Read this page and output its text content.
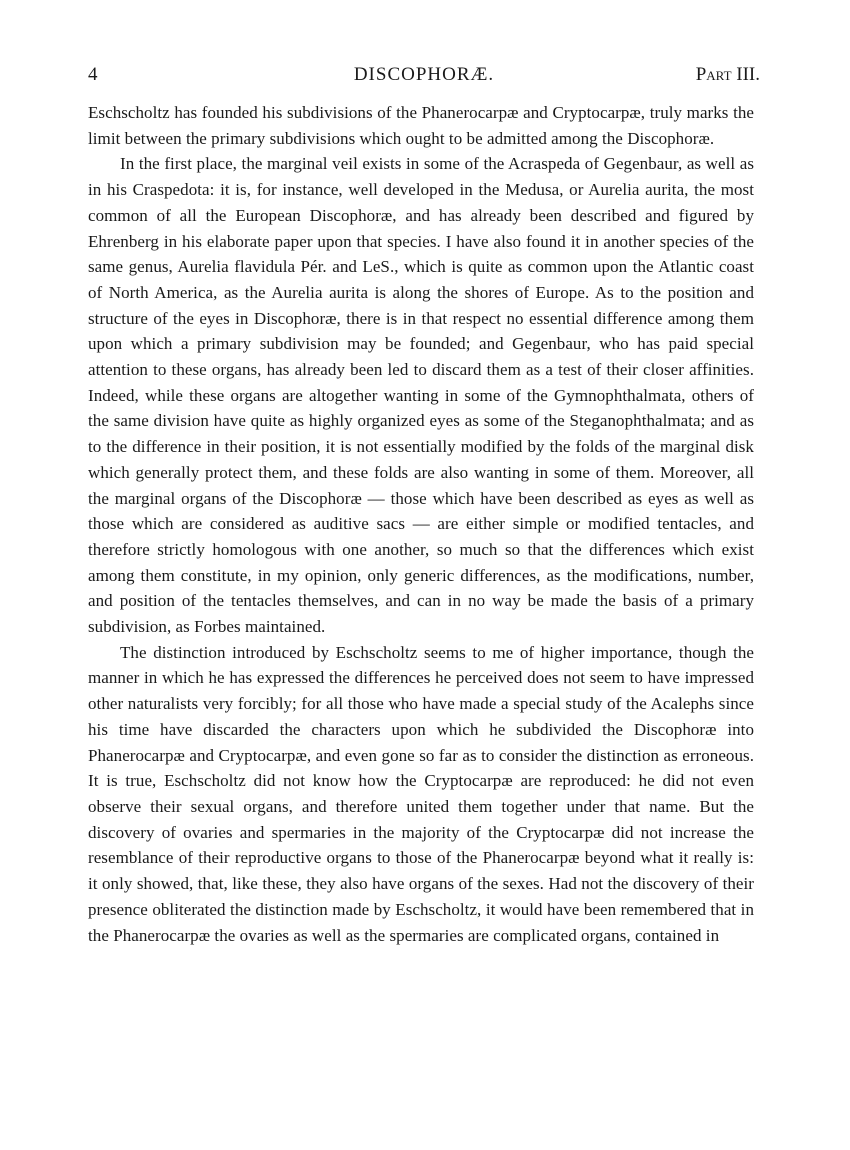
4	DISCOPHORÆ.	Part III.

Eschscholtz has founded his subdivisions of the Phanerocarpæ and Cryptocarpæ, truly marks the limit between the primary subdivisions which ought to be admitted among the Discophoræ.

In the first place, the marginal veil exists in some of the Acraspeda of Gegenbaur, as well as in his Craspedota: it is, for instance, well developed in the Medusa, or Aurelia aurita, the most common of all the European Discophoræ, and has already been described and figured by Ehrenberg in his elaborate paper upon that species. I have also found it in another species of the same genus, Aurelia flavidula Pér. and LeS., which is quite as common upon the Atlantic coast of North America, as the Aurelia aurita is along the shores of Europe. As to the position and structure of the eyes in Discophoræ, there is in that respect no essential difference among them upon which a primary subdivision may be founded; and Gegenbaur, who has paid special attention to these organs, has already been led to discard them as a test of their closer affinities. Indeed, while these organs are altogether wanting in some of the Gymnophthalmata, others of the same division have quite as highly organized eyes as some of the Steganophthalmata; and as to the difference in their position, it is not essentially modified by the folds of the marginal disk which generally protect them, and these folds are also wanting in some of them. Moreover, all the marginal organs of the Discophoræ — those which have been described as eyes as well as those which are considered as auditive sacs — are either simple or modified tentacles, and therefore strictly homologous with one another, so much so that the differences which exist among them constitute, in my opinion, only generic differences, as the modifications, number, and position of the tentacles themselves, and can in no way be made the basis of a primary subdivision, as Forbes maintained.

The distinction introduced by Eschscholtz seems to me of higher importance, though the manner in which he has expressed the differences he perceived does not seem to have impressed other naturalists very forcibly; for all those who have made a special study of the Acalephs since his time have discarded the characters upon which he subdivided the Discophoræ into Phanerocarpæ and Cryptocarpæ, and even gone so far as to consider the distinction as erroneous. It is true, Eschscholtz did not know how the Cryptocarpæ are reproduced: he did not even observe their sexual organs, and therefore united them together under that name. But the discovery of ovaries and spermaries in the majority of the Cryptocarpæ did not increase the resemblance of their reproductive organs to those of the Phanerocarpæ beyond what it really is: it only showed, that, like these, they also have organs of the sexes. Had not the discovery of their presence obliterated the distinction made by Eschscholtz, it would have been remembered that in the Phanerocarpæ the ovaries as well as the spermaries are complicated organs, contained in
